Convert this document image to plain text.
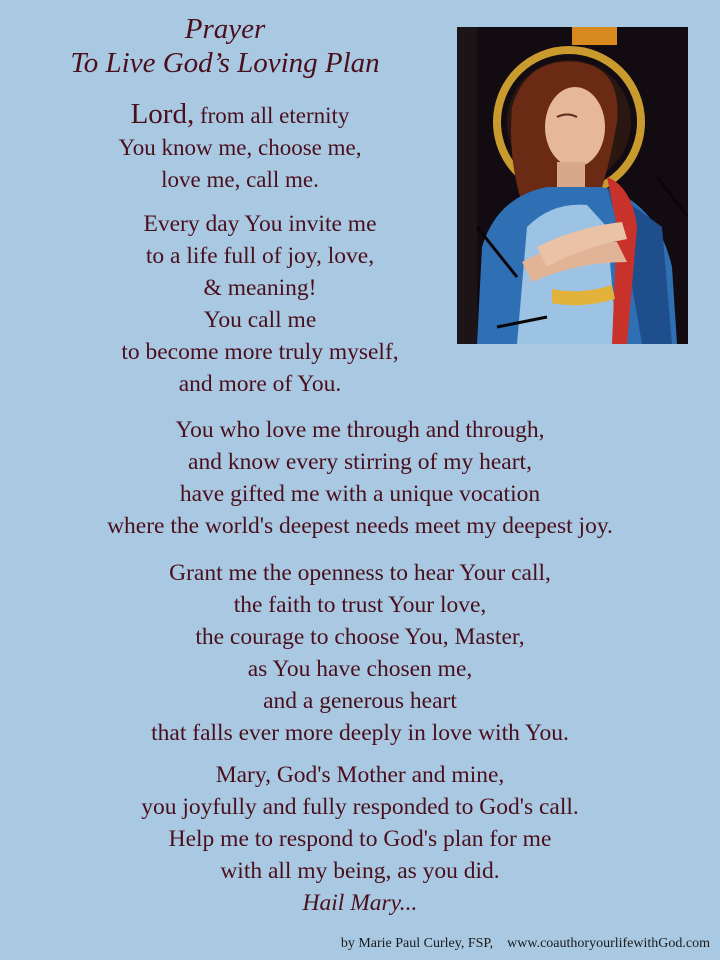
Prayer
To Live God’s Loving Plan
Lord, from all eternity
You know me, choose me,
love me, call me.
Every day You invite me
to a life full of joy, love,
& meaning!
You call me
to become more truly myself,
and more of You.
You who love me through and through,
and know every stirring of my heart,
have gifted me with a unique vocation
where the world's deepest needs meet my deepest joy.
Grant me the openness to hear Your call,
the faith to trust Your love,
the courage to choose You, Master,
as You have chosen me,
and a generous heart
that falls ever more deeply in love with You.
Mary, God's Mother and mine,
you joyfully and fully responded to God's call.
Help me to respond to God's plan for me
with all my being, as you did.
Hail Mary...
by Marie Paul Curley, FSP, www.coauthoryourlifewithGod.com
